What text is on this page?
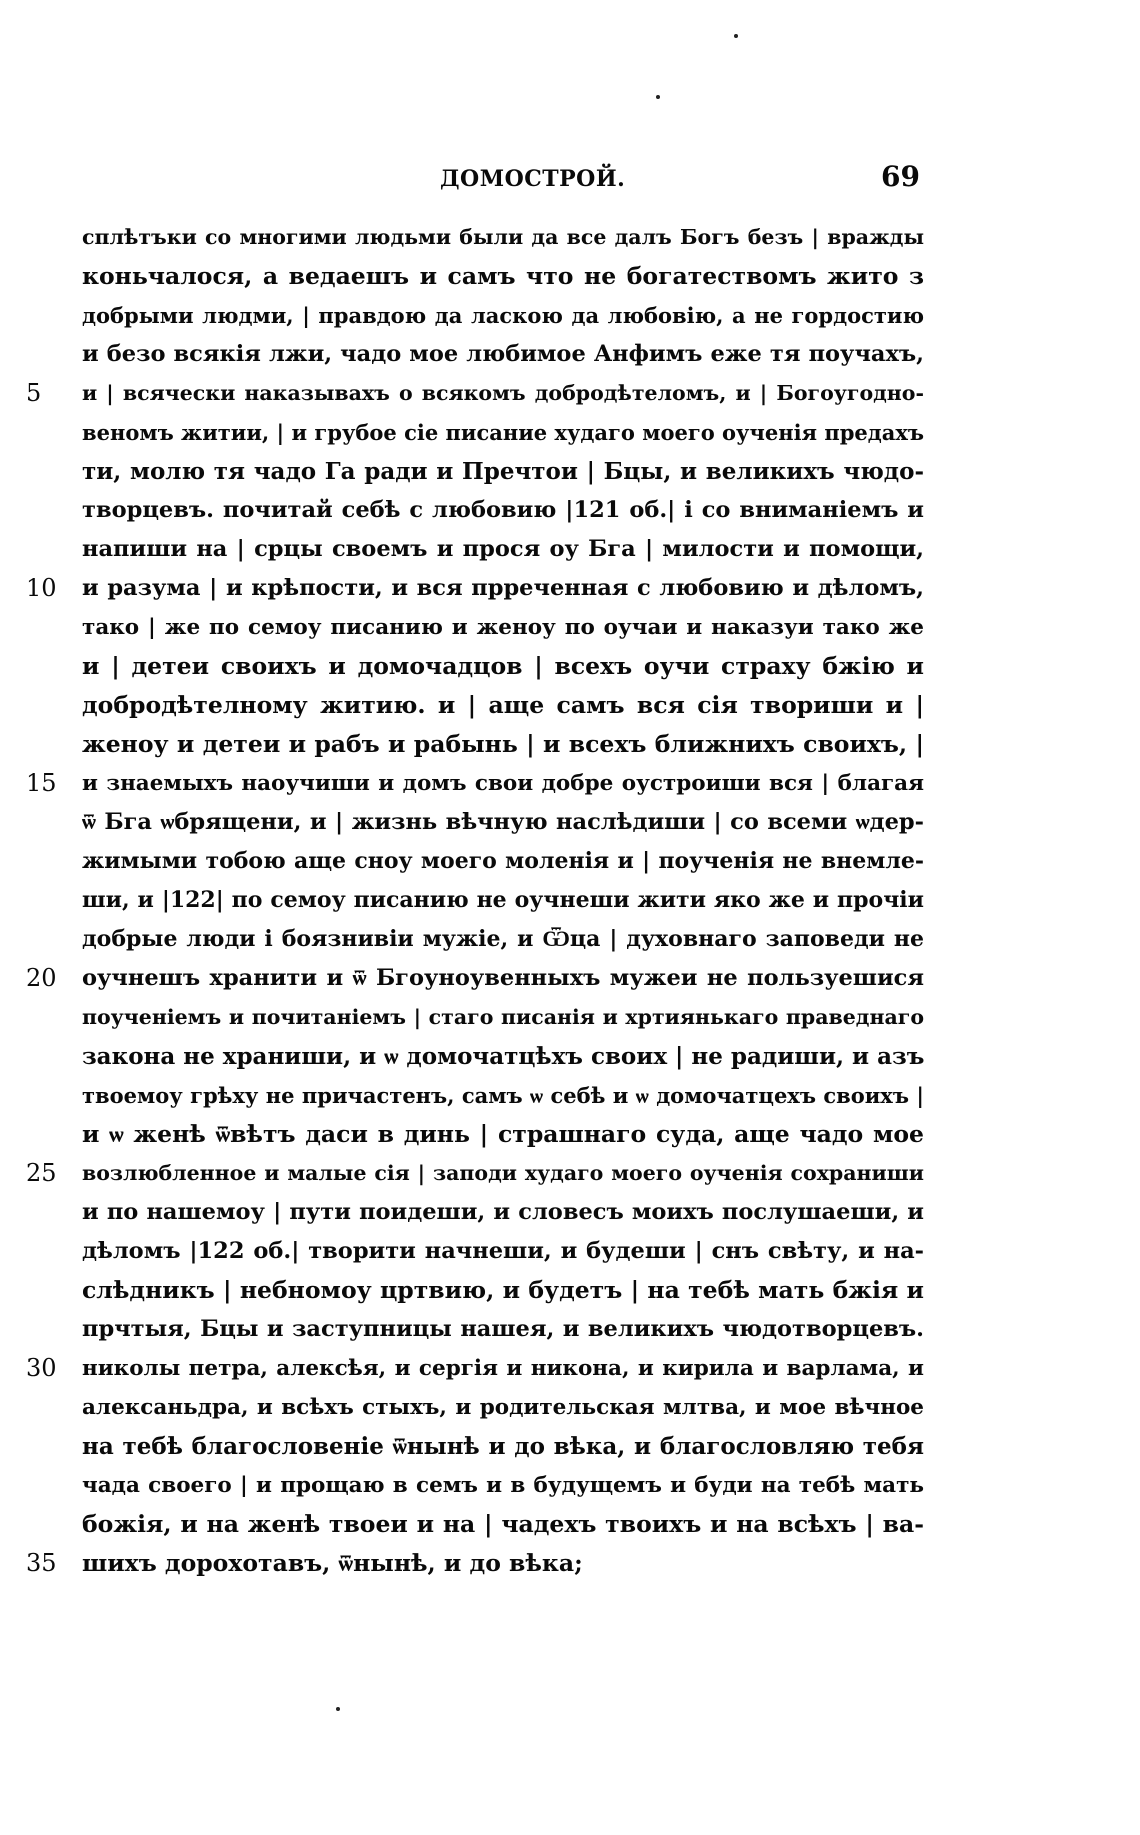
ДОМОСТРОЙ.	69
5
10
15
20
25
30
35
сплѣтъки со многими людьми были да все далъ Богъ безъ | вражды
коньчалося, а ведаешъ и самъ что не богатествомъ жито з
добрыми людми, | правдою да ласкою да любовію, а не гордостию
и безо всякія лжи, чадо мое любимое Анфимъ еже тя поучахъ,
и | всячески наказывахъ о всякомъ добродѣтеломъ, и | Богоугодно-
веномъ житии, | и грубое сіе писание худаго моего оученія предахъ
ти, молю тя чадо Га ради и Пречтои | Бцы, и великихъ чюдо-
творцевъ. почитай себѣ с любовию |121 об.| і со вниманіемъ и
напиши на | срцы своемъ и прося оу Бга | милости и помощи,
и разума | и крѣпости, и вся прреченная с любовию и дѣломъ,
тако | же по семоу писанию и женоу по оучаи и наказуи тако же
и | детеи своихъ и домочадцов | всехъ оучи страху бжію и
добродѣтелному житию. и | аще самъ вся сія твориши и |
женоу и детеи и рабъ и рабынь | и всехъ ближнихъ своихъ, |
и знаемыхъ наоучиши и домъ свои добре оустроиши вся | благая
ѿ Бга ѡбрящени, и | жизнь вѣчную наслѣдиши | со всеми ѡдер-
жимыми тобою аще сноу моего моленія и | поученія не внемле-
ши, и |122| по семоу писанию не оучнеши жити яко же и прочіи
добрые люди і боязнивіи мужіе, и Ѿца | духовнаго заповеди не
оучнешъ хранити и ѿ Бгоуноувенныхъ мужеи не пользуешися
поученіемъ и почитаніемъ | стаго писанія и хртиянькаго праведнаго
закона не храниши, и ѡ домочатцѣхъ своих | не радиши, и азъ
твоемоу грѣху не причастенъ, самъ ѡ себѣ и ѡ домочатцехъ своихъ |
и ѡ женѣ ѿвѣтъ даси в динь | страшнаго суда, аще чадо мое
возлюбленное и малые сія | заподи худаго моего оученія сохраниши
и по нашемоу | пути поидеши, и словесъ моихъ послушаеши, и
дѣломъ |122 об.| творити начнеши, и будеши | снъ свѣту, и на-
слѣдникъ | небномоу цртвию, и будетъ | на тебѣ мать бжія и
прчтыя, Бцы и заступницы нашея, и великихъ чюдотворцевъ.
николы петра, алексѣя, и сергія и никона, и кирила и варлама, и
алексаньдра, и всѣхъ стыхъ, и родительская млтва, и мое вѣчное
на тебѣ благословеніе ѿнынѣ и до вѣка, и благословляю тебя
чада своего | и прощаю в семъ и в будущемъ и буди на тебѣ мать
божія, и на женѣ твоеи и на | чадехъ твоихъ и на всѣхъ | ва-
шихъ дорохотавъ, ѿнынѣ, и до вѣка;
